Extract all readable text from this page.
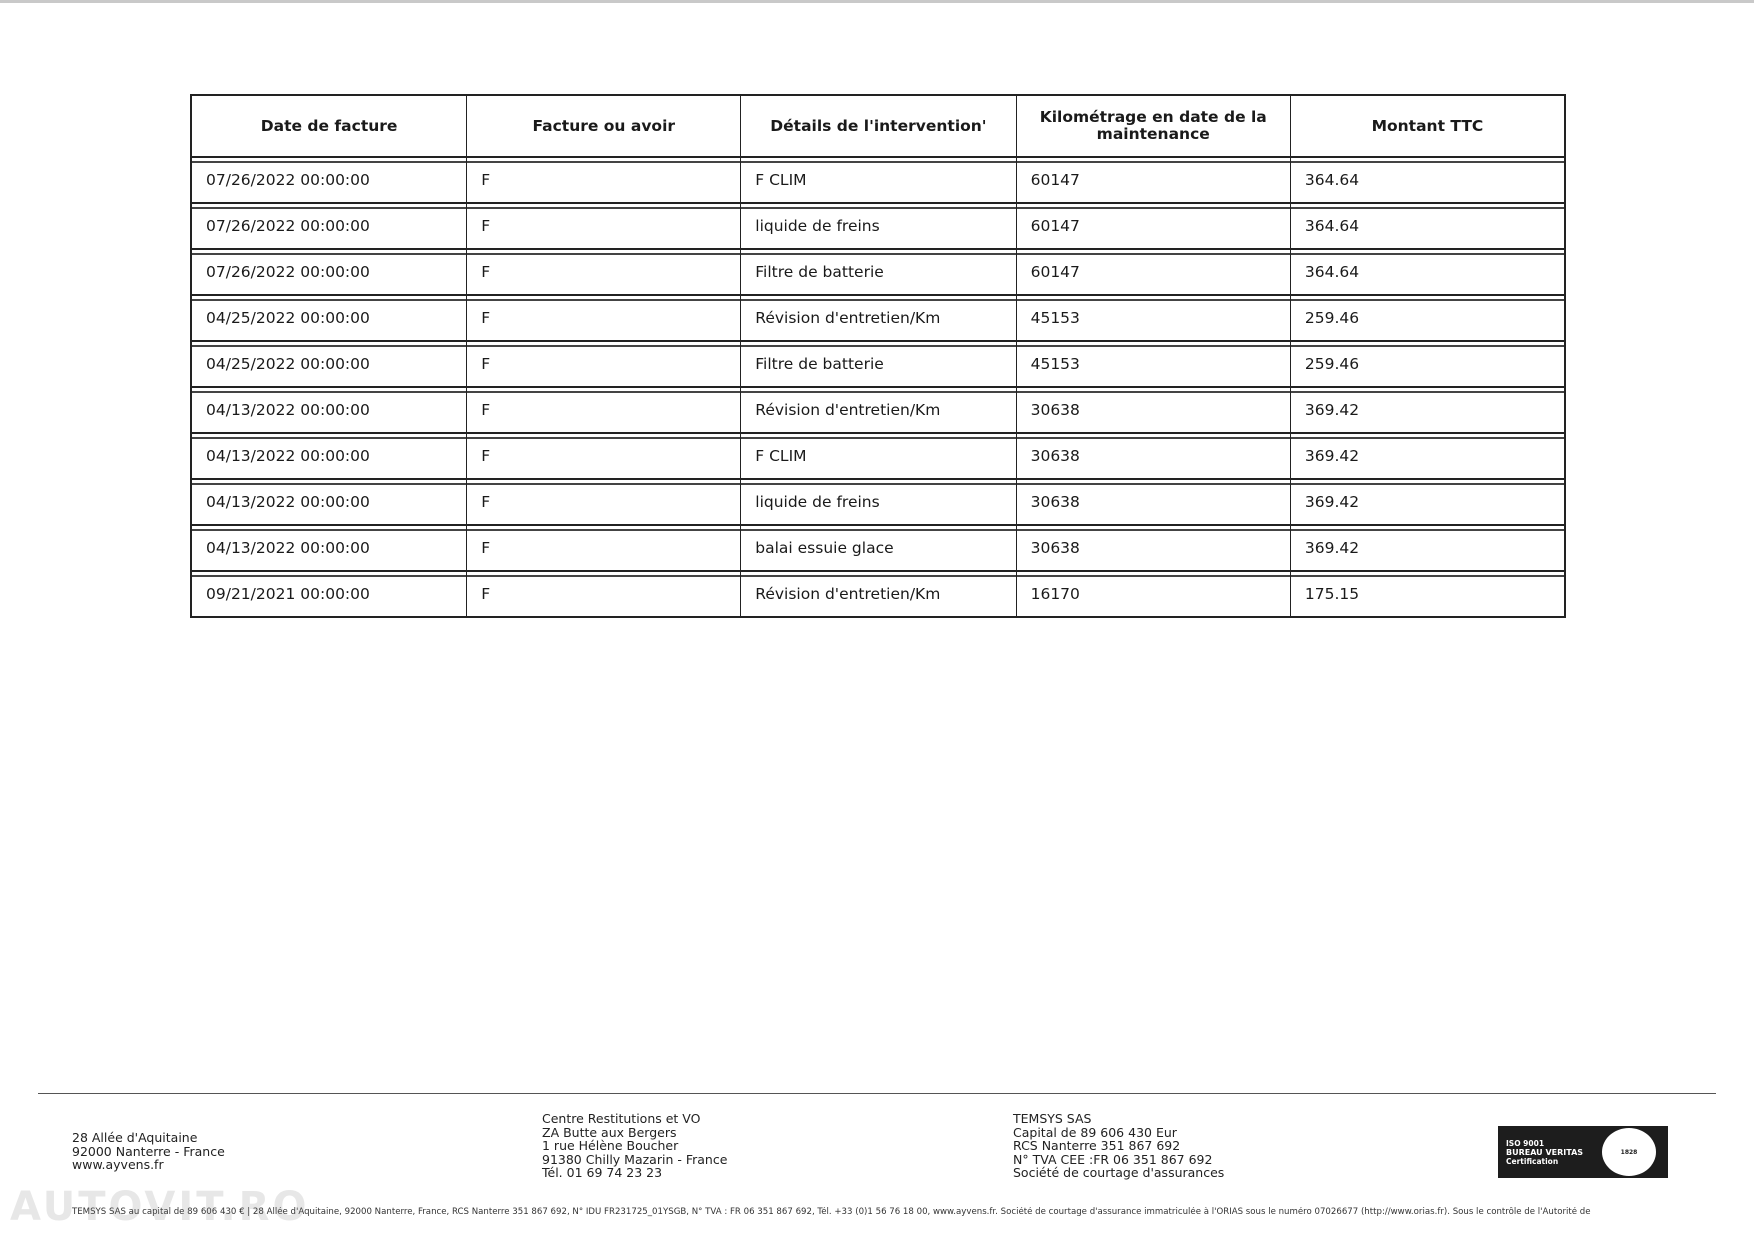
Date de facture	Facture ou avoir	Détails de l'intervention'	Kilométrage en date de la maintenance	Montant TTC
07/26/2022 00:00:00	F	F CLIM	60147	364.64
07/26/2022 00:00:00	F	liquide de freins	60147	364.64
07/26/2022 00:00:00	F	Filtre de batterie	60147	364.64
04/25/2022 00:00:00	F	Révision d'entretien/Km	45153	259.46
04/25/2022 00:00:00	F	Filtre de batterie	45153	259.46
04/13/2022 00:00:00	F	Révision d'entretien/Km	30638	369.42
04/13/2022 00:00:00	F	F CLIM	30638	369.42
04/13/2022 00:00:00	F	liquide de freins	30638	369.42
04/13/2022 00:00:00	F	balai essuie glace	30638	369.42
09/21/2021 00:00:00	F	Révision d'entretien/Km	16170	175.15
28 Allée d'Aquitaine
92000 Nanterre - France
www.ayvens.fr
Centre Restitutions et VO
ZA Butte aux Bergers
1 rue Hélène Boucher
91380 Chilly Mazarin - France
Tél. 01 69 74 23 23
TEMSYS SAS
Capital de 89 606 430 Eur
RCS Nanterre 351 867 692
N° TVA CEE :FR 06 351 867 692
Société de courtage d'assurances
ISO 9001
BUREAU VERITAS
Certification
1828
TEMSYS SAS au capital de 89 606 430 € | 28 Allée d'Aquitaine, 92000 Nanterre, France, RCS Nanterre 351 867 692, N° IDU FR231725_01YSGB, N° TVA : FR 06 351 867 692, Tél. +33 (0)1 56 76 18 00, www.ayvens.fr. Société de courtage d'assurance immatriculée à l'ORIAS sous le numéro 07026677 (http://www.orias.fr). Sous le contrôle de l'Autorité de
AUTOVIT.RO
